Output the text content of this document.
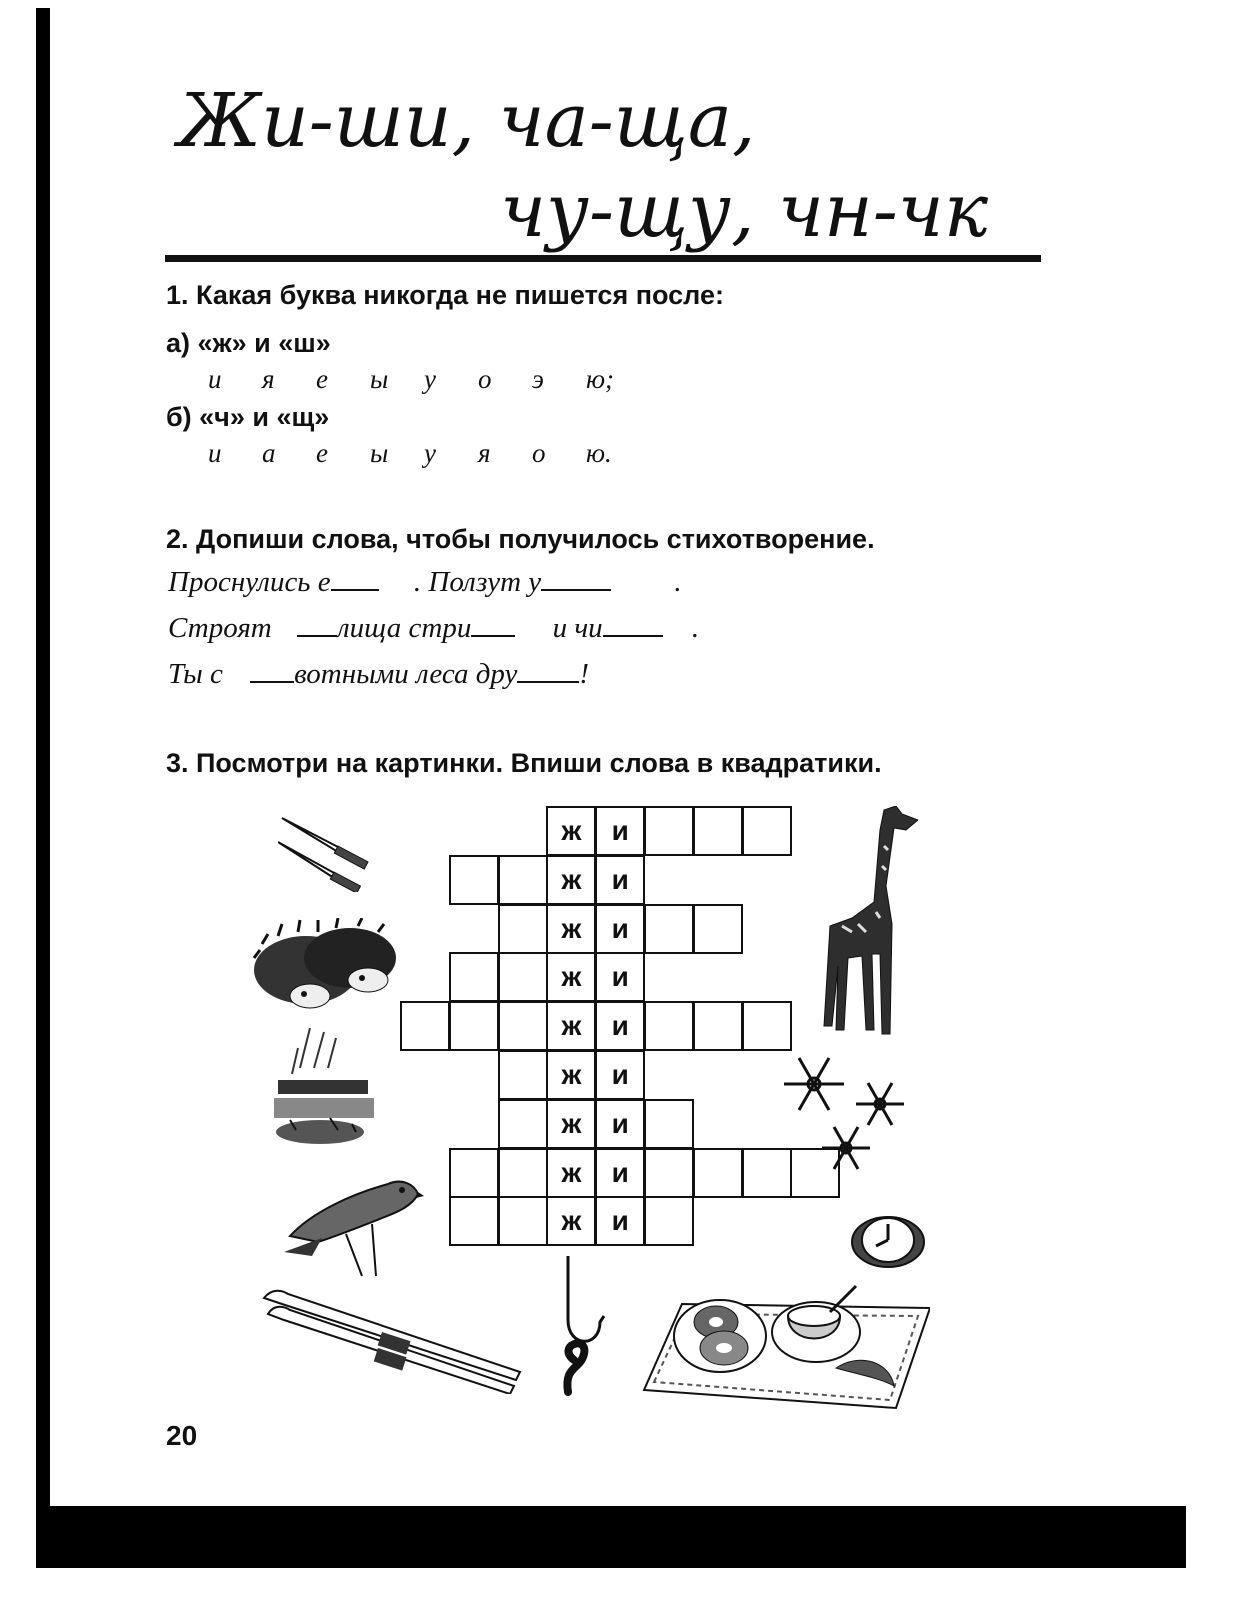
Жи-ши, ча-ща,
чу-щу, чн-чк
1. Какая буква никогда не пишется после:
а) «ж» и «ш»
и я е ы у о э ю;
б) «ч» и «щ»
и а е ы у я о ю.
2. Допиши слова, чтобы получилось стихотворение.
Проснулись е	. Ползут у	.
Строят лища стри	и чи	.
Ты с вотными леса дру !
3. Посмотри на картинки. Впиши слова в квадратики.
ж	и
ж	и
ж	и
ж	и
ж	и
ж	и
ж	и
ж	и
ж	и
20
